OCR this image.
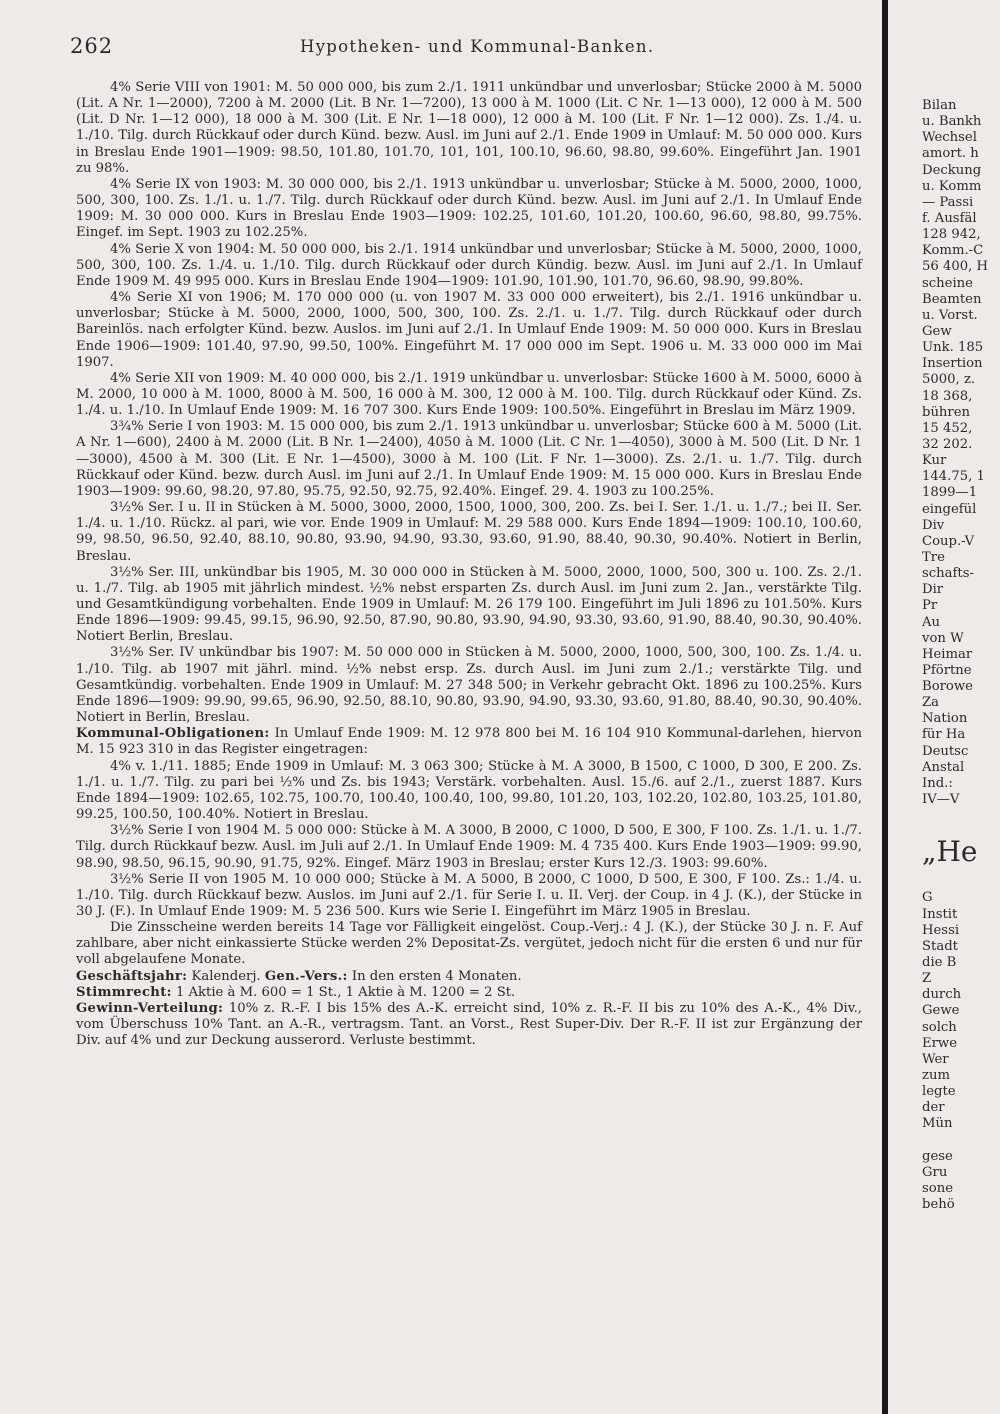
262	Hypotheken- und Kommunal-Banken.

4% Serie VIII von 1901: M. 50 000 000, bis zum 2./1. 1911 unkündbar und unverlosbar; Stücke 2000 à M. 5000 (Lit. A Nr. 1—2000), 7200 à M. 2000 (Lit. B Nr. 1—7200), 13 000 à M. 1000 (Lit. C Nr. 1—13 000), 12 000 à M. 500 (Lit. D Nr. 1—12 000), 18 000 à M. 300 (Lit. E Nr. 1—18 000), 12 000 à M. 100 (Lit. F Nr. 1—12 000). Zs. 1./4. u. 1./10. Tilg. durch Rückkauf oder durch Künd. bezw. Ausl. im Juni auf 2./1. Ende 1909 in Umlauf: M. 50 000 000. Kurs in Breslau Ende 1901—1909: 98.50, 101.80, 101.70, 101, 101, 100.10, 96.60, 98.80, 99.60%. Eingeführt Jan. 1901 zu 98%.

4% Serie IX von 1903: M. 30 000 000, bis 2./1. 1913 unkündbar u. unverlosbar; Stücke à M. 5000, 2000, 1000, 500, 300, 100. Zs. 1./1. u. 1./7. Tilg. durch Rückkauf oder durch Künd. bezw. Ausl. im Juni auf 2./1. In Umlauf Ende 1909: M. 30 000 000. Kurs in Breslau Ende 1903—1909: 102.25, 101.60, 101.20, 100.60, 96.60, 98.80, 99.75%. Eingef. im Sept. 1903 zu 102.25%.

4% Serie X von 1904: M. 50 000 000, bis 2./1. 1914 unkündbar und unverlosbar; Stücke à M. 5000, 2000, 1000, 500, 300, 100. Zs. 1./4. u. 1./10. Tilg. durch Rückkauf oder durch Kündig. bezw. Ausl. im Juni auf 2./1. In Umlauf Ende 1909 M. 49 995 000. Kurs in Breslau Ende 1904—1909: 101.90, 101.90, 101.70, 96.60, 98.90, 99.80%.

4% Serie XI von 1906; M. 170 000 000 (u. von 1907 M. 33 000 000 erweitert), bis 2./1. 1916 unkündbar u. unverlosbar; Stücke à M. 5000, 2000, 1000, 500, 300, 100. Zs. 2./1. u. 1./7. Tilg. durch Rückkauf oder durch Bareinlös. nach erfolgter Künd. bezw. Auslos. im Juni auf 2./1. In Umlauf Ende 1909: M. 50 000 000. Kurs in Breslau Ende 1906—1909: 101.40, 97.90, 99.50, 100%. Eingeführt M. 17 000 000 im Sept. 1906 u. M. 33 000 000 im Mai 1907.

4% Serie XII von 1909: M. 40 000 000, bis 2./1. 1919 unkündbar u. unverlosbar: Stücke 1600 à M. 5000, 6000 à M. 2000, 10 000 à M. 1000, 8000 à M. 500, 16 000 à M. 300, 12 000 à M. 100. Tilg. durch Rückkauf oder Künd. Zs. 1./4. u. 1./10. In Umlauf Ende 1909: M. 16 707 300. Kurs Ende 1909: 100.50%. Eingeführt in Breslau im März 1909.

3¾% Serie I von 1903: M. 15 000 000, bis zum 2./1. 1913 unkündbar u. unverlosbar; Stücke 600 à M. 5000 (Lit. A Nr. 1—600), 2400 à M. 2000 (Lit. B Nr. 1—2400), 4050 à M. 1000 (Lit. C Nr. 1—4050), 3000 à M. 500 (Lit. D Nr. 1—3000), 4500 à M. 300 (Lit. E Nr. 1—4500), 3000 à M. 100 (Lit. F Nr. 1—3000). Zs. 2./1. u. 1./7. Tilg. durch Rückkauf oder Künd. bezw. durch Ausl. im Juni auf 2./1. In Umlauf Ende 1909: M. 15 000 000. Kurs in Breslau Ende 1903—1909: 99.60, 98.20, 97.80, 95.75, 92.50, 92.75, 92.40%. Eingef. 29. 4. 1903 zu 100.25%.

3½% Ser. I u. II in Stücken à M. 5000, 3000, 2000, 1500, 1000, 300, 200. Zs. bei I. Ser. 1./1. u. 1./7.; bei II. Ser. 1./4. u. 1./10. Rückz. al pari, wie vor. Ende 1909 in Umlauf: M. 29 588 000. Kurs Ende 1894—1909: 100.10, 100.60, 99, 98.50, 96.50, 92.40, 88.10, 90.80, 93.90, 94.90, 93.30, 93.60, 91.90, 88.40, 90.30, 90.40%. Notiert in Berlin, Breslau.

3½% Ser. III, unkündbar bis 1905, M. 30 000 000 in Stücken à M. 5000, 2000, 1000, 500, 300 u. 100. Zs. 2./1. u. 1./7. Tilg. ab 1905 mit jährlich mindest. ½% nebst ersparten Zs. durch Ausl. im Juni zum 2. Jan., verstärkte Tilg. und Gesamtkündigung vorbehalten. Ende 1909 in Umlauf: M. 26 179 100. Eingeführt im Juli 1896 zu 101.50%. Kurs Ende 1896—1909: 99.45, 99.15, 96.90, 92.50, 87.90, 90.80, 93.90, 94.90, 93.30, 93.60, 91.90, 88.40, 90.30, 90.40%. Notiert Berlin, Breslau.

3½% Ser. IV unkündbar bis 1907: M. 50 000 000 in Stücken à M. 5000, 2000, 1000, 500, 300, 100. Zs. 1./4. u. 1./10. Tilg. ab 1907 mit jährl. mind. ½% nebst ersp. Zs. durch Ausl. im Juni zum 2./1.; verstärkte Tilg. und Gesamtkündig. vorbehalten. Ende 1909 in Umlauf: M. 27 348 500; in Verkehr gebracht Okt. 1896 zu 100.25%. Kurs Ende 1896—1909: 99.90, 99.65, 96.90, 92.50, 88.10, 90.80, 93.90, 94.90, 93.30, 93.60, 91.80, 88.40, 90.30, 90.40%. Notiert in Berlin, Breslau.

Kommunal-Obligationen: In Umlauf Ende 1909: M. 12 978 800 bei M. 16 104 910 Kommunal-darlehen, hiervon M. 15 923 310 in das Register eingetragen:

4% v. 1./11. 1885; Ende 1909 in Umlauf: M. 3 063 300; Stücke à M. A 3000, B 1500, C 1000, D 300, E 200. Zs. 1./1. u. 1./7. Tilg. zu pari bei ½% und Zs. bis 1943; Verstärk. vorbehalten. Ausl. 15./6. auf 2./1., zuerst 1887. Kurs Ende 1894—1909: 102.65, 102.75, 100.70, 100.40, 100.40, 100, 99.80, 101.20, 103, 102.20, 102.80, 103.25, 101.80, 99.25, 100.50, 100.40%. Notiert in Breslau.

3½% Serie I von 1904 M. 5 000 000: Stücke à M. A 3000, B 2000, C 1000, D 500, E 300, F 100. Zs. 1./1. u. 1./7. Tilg. durch Rückkauf bezw. Ausl. im Juli auf 2./1. In Umlauf Ende 1909: M. 4 735 400. Kurs Ende 1903—1909: 99.90, 98.90, 98.50, 96.15, 90.90, 91.75, 92%. Eingef. März 1903 in Breslau; erster Kurs 12./3. 1903: 99.60%.

3½% Serie II von 1905 M. 10 000 000; Stücke à M. A 5000, B 2000, C 1000, D 500, E 300, F 100. Zs.: 1./4. u. 1./10. Tilg. durch Rückkauf bezw. Auslos. im Juni auf 2./1. für Serie I. u. II. Verj. der Coup. in 4 J. (K.), der Stücke in 30 J. (F.). In Umlauf Ende 1909: M. 5 236 500. Kurs wie Serie I. Eingeführt im März 1905 in Breslau.

Die Zinsscheine werden bereits 14 Tage vor Fälligkeit eingelöst. Coup.-Verj.: 4 J. (K.), der Stücke 30 J. n. F. Auf zahlbare, aber nicht einkassierte Stücke werden 2% Depositat-Zs. vergütet, jedoch nicht für die ersten 6 und nur für voll abgelaufene Monate.

Geschäftsjahr: Kalenderj. Gen.-Vers.: In den ersten 4 Monaten.

Stimmrecht: 1 Aktie à M. 600 = 1 St., 1 Aktie à M. 1200 = 2 St.

Gewinn-Verteilung: 10% z. R.-F. I bis 15% des A.-K. erreicht sind, 10% z. R.-F. II bis zu 10% des A.-K., 4% Div., vom Überschuss 10% Tant. an A.-R., vertragsm. Tant. an Vorst., Rest Super-Div. Der R.-F. II ist zur Ergänzung der Div. auf 4% und zur Deckung ausserord. Verluste bestimmt.

Bilan
u. Bankh
Wechsel
amort. h
Deckung
u. Komm
— Passi
f. Ausfäl
128 942,
Komm.-C
56 400, H
scheine
Beamten
u. Vorst.
Gew
Unk. 185
Insertion
5000, z.
18 368,
bühren
15 452,
32 202.
Kur
144.75, 1
1899—1
eingefül
Div
Coup.-V
Tre
schafts-
Dir
Pr
Au
von W
Heimar
Pförtne
Borowe
Za
Nation
für Ha
Deutsc
Anstal
Ind.:
IV—V
„He
G
Instit
Hessi
Stadt
die B
Z
durch
Gewe
solch
Erwe
Wer
zum
legte
der
Mün
gese
Gru
sone
behö
